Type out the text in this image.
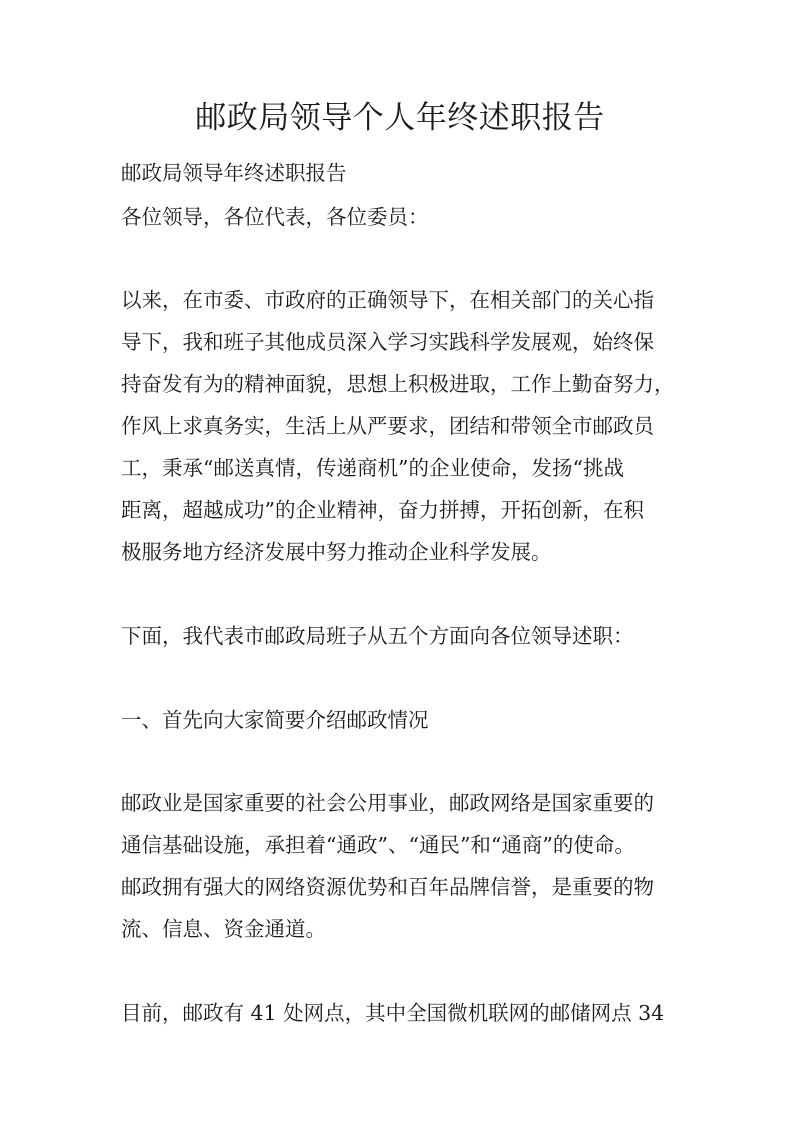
邮政局领导个人年终述职报告

邮政局领导年终述职报告

各位领导，各位代表，各位委员：

以来，在市委、市政府的正确领导下，在相关部门的关心指

导下，我和班子其他成员深入学习实践科学发展观，始终保

持奋发有为的精神面貌，思想上积极进取，工作上勤奋努力，

作风上求真务实，生活上从严要求，团结和带领全市邮政员

工，秉承“邮送真情，传递商机”的企业使命，发扬“挑战

距离，超越成功”的企业精神，奋力拼搏，开拓创新，在积

极服务地方经济发展中努力推动企业科学发展。

下面，我代表市邮政局班子从五个方面向各位领导述职：

一、首先向大家简要介绍邮政情况

邮政业是国家重要的社会公用事业，邮政网络是国家重要的

通信基础设施，承担着“通政”、“通民”和“通商”的使命。

邮政拥有强大的网络资源优势和百年品牌信誉，是重要的物

流、信息、资金通道。

目前，邮政有 41 处网点，其中全国微机联网的邮储网点 34
